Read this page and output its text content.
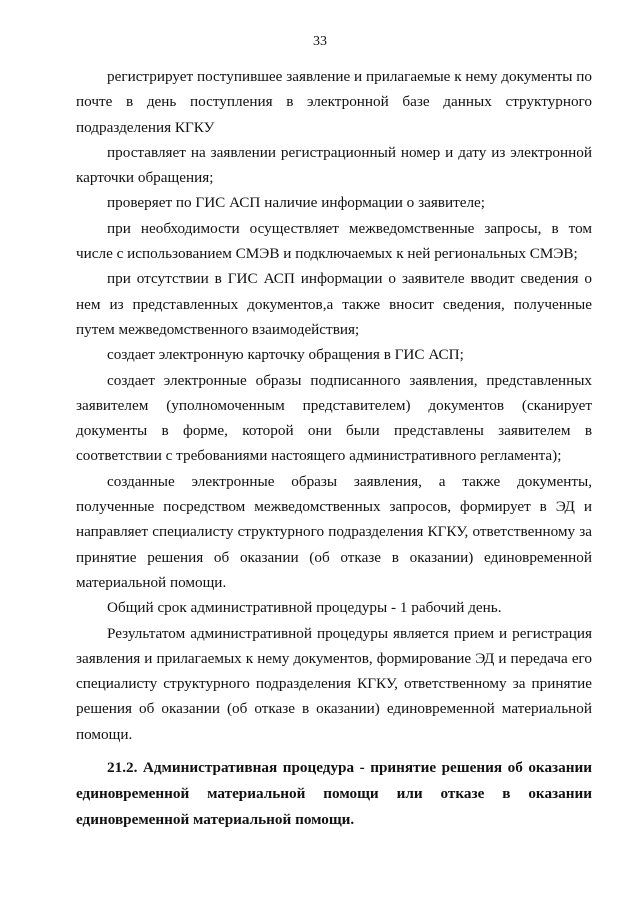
33

регистрирует поступившее заявление и прилагаемые к нему документы по почте в день поступления в электронной базе данных структурного подразделения КГКУ

проставляет на заявлении регистрационный номер и дату из электронной карточки обращения;

проверяет по ГИС АСП наличие информации о заявителе;

при необходимости осуществляет межведомственные запросы, в том числе с использованием СМЭВ и подключаемых к ней региональных СМЭВ;

при отсутствии в ГИС АСП информации о заявителе вводит сведения о нем из представленных документов,а также вносит сведения, полученные путем межведомственного взаимодействия;

создает электронную карточку обращения в ГИС АСП;

создает электронные образы подписанного заявления, представленных заявителем (уполномоченным представителем) документов (сканирует документы в форме, которой они были представлены заявителем в соответствии с требованиями настоящего административного регламента);

созданные электронные образы заявления, а также документы, полученные посредством межведомственных запросов, формирует в ЭД и направляет специалисту структурного подразделения КГКУ, ответственному за принятие решения об оказании (об отказе в оказании) единовременной материальной помощи.

Общий срок административной процедуры - 1 рабочий день.

Результатом административной процедуры является прием и регистрация заявления и прилагаемых к нему документов, формирование ЭД и передача его специалисту структурного подразделения КГКУ, ответственному за принятие решения об оказании (об отказе в оказании) единовременной материальной помощи.

21.2. Административная процедура - принятие решения об оказании единовременной материальной помощи или отказе в оказании единовременной материальной помощи.
